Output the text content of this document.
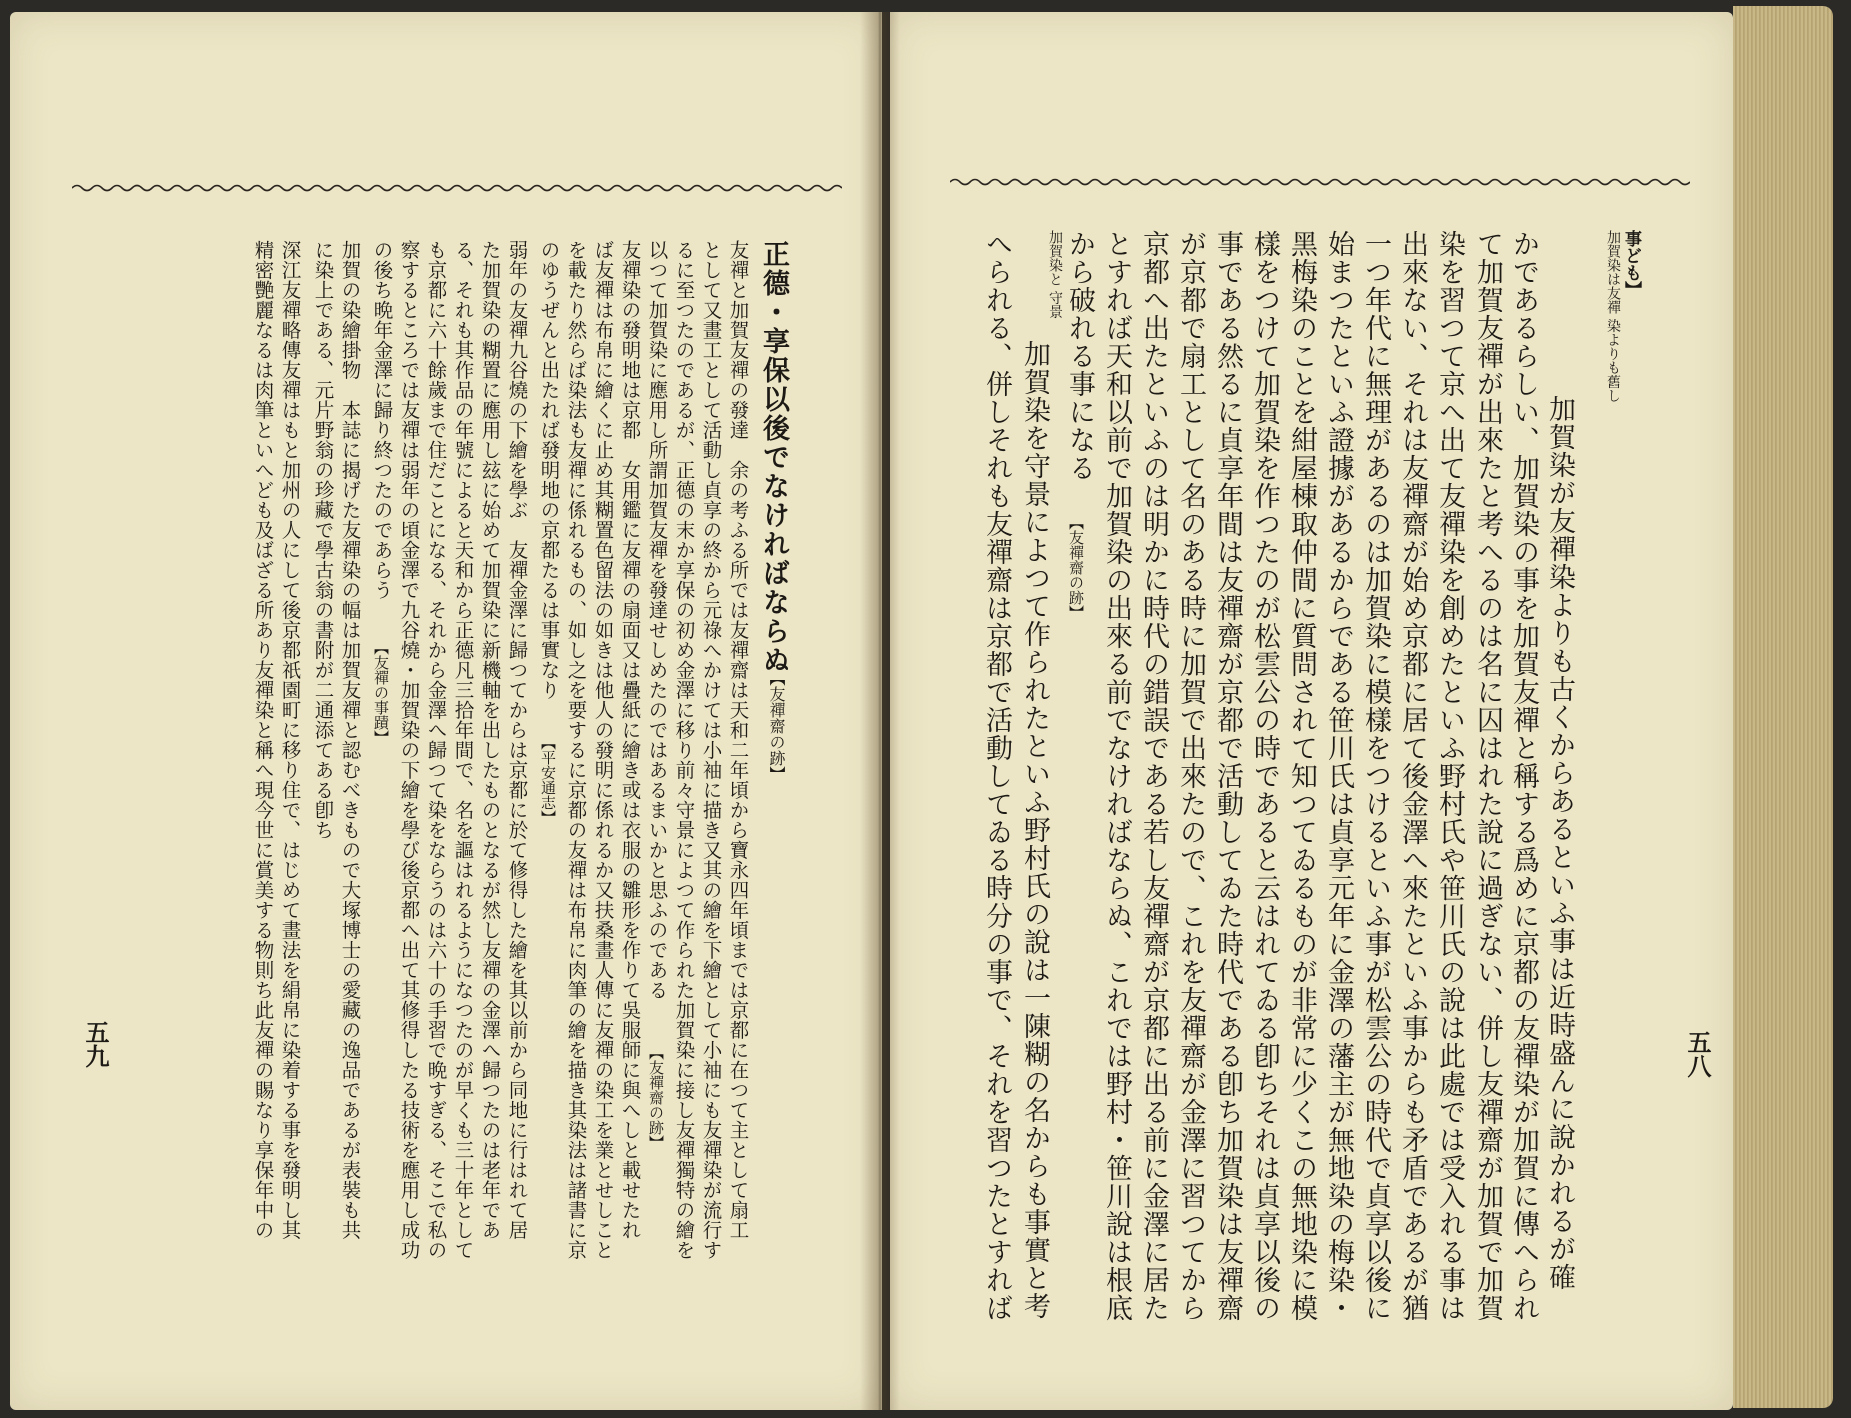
事ども】
加賀染は友禪 染よりも舊し
加賀染が友禪染よりも古くからあるといふ事は近時盛んに說かれるが確
かであるらしい、加賀染の事を加賀友禪と稱する爲めに京都の友禪染が加賀に傳へられ
て加賀友禪が出來たと考へるのは名に囚はれた說に過ぎない、併し友禪齋が加賀で加賀
染を習つて京へ出て友禪染を創めたといふ野村氏や笹川氏の說は此處では受入れる事は
出來ない、それは友禪齋が始め京都に居て後金澤へ來たといふ事からも矛盾であるが猶
一つ年代に無理があるのは加賀染に模樣をつけるといふ事が松雲公の時代で貞享以後に
始まつたといふ證據があるからである笹川氏は貞享元年に金澤の藩主が無地染の梅染・
黑梅染のことを紺屋棟取仲間に質問されて知つてゐるものが非常に少くこの無地染に模
樣をつけて加賀染を作つたのが松雲公の時であると云はれてゐる卽ちそれは貞享以後の
事である然るに貞享年間は友禪齋が京都で活動してゐた時代である卽ち加賀染は友禪齋
が京都で扇工として名のある時に加賀で出來たので、これを友禪齋が金澤に習つてから
京都へ出たといふのは明かに時代の錯誤である若し友禪齋が京都に出る前に金澤に居た
とすれば天和以前で加賀染の出來る前でなければならぬ、これでは野村・笹川說は根底
から破れる事になる
【友禪齋の跡】
加賀染と 守景
加賀染を守景によつて作られたといふ野村氏の說は一陳糊の名からも事實と考
へられる、併しそれも友禪齋は京都で活動してゐる時分の事で、それを習つたとすれば	五八
正德・享保以後でなければならぬ
【友禪齋の跡】
友禪と加賀友禪の發達　余の考ふる所では友禪齋は天和二年頃から寶永四年頃までは京都に在つて主として扇工
として又畫工として活動し貞享の終から元祿へかけては小袖に描き又其の繪を下繪として小袖にも友禪染が流行す
るに至つたのであるが、正德の末か享保の初め金澤に移り前々守景によつて作られた加賀染に接し友禪獨特の繪を
以つて加賀染に應用し所謂加賀友禪を發達せしめたのではあるまいかと思ふのである
【友禪齋の跡】
友禪染の發明地は京都　女用鑑に友禪の扇面又は疊紙に繪き或は衣服の雛形を作りて吳服師に與へしと載せたれ
ば友禪は布帛に繪くに止め其糊置色留法の如きは他人の發明に係れるか又扶桑畫人傳に友禪の染工を業とせしこと
を載たり然らば染法も友禪に係れるもの、如し之を要するに京都の友禪は布帛に肉筆の繪を描き其染法は諸書に京
のゆうぜんと出たれば發明地の京都たるは事實なり
【平安通志】
弱年の友禪九谷燒の下繪を學ぶ　友禪金澤に歸つてからは京都に於て修得した繪を其以前から同地に行はれて居
た加賀染の糊置に應用し玆に始めて加賀染に新機軸を出したものとなるが然し友禪の金澤へ歸つたのは老年であ
る、それも其作品の年號によると天和から正德凡三拾年間で、名を謳はれるようになつたのが早くも三十年として
も京都に六十餘歲まで住だことになる、それから金澤へ歸つて染をならうのは六十の手習で晩すぎる、そこで私の
察するところでは友禪は弱年の頃金澤で九谷燒・加賀染の下繪を學び後京都へ出て其修得したる技術を應用し成功
の後ち晩年金澤に歸り終つたのであらう
【友禪の事蹟】
加賀の染繪掛物　本誌に揭げた友禪染の幅は加賀友禪と認むべきもので大塚博士の愛藏の逸品であるが表裝も共
に染上である、元片野翁の珍藏で學古翁の書附が二通添てある卽ち
深江友禪略傳友禪はもと加州の人にして後京都祇園町に移り住で、はじめて畫法を絹帛に染着する事を發明し其
精密艷麗なるは肉筆といへども及ばざる所あり友禪染と稱へ現今世に賞美する物則ち此友禪の賜なり享保年中の
五九
